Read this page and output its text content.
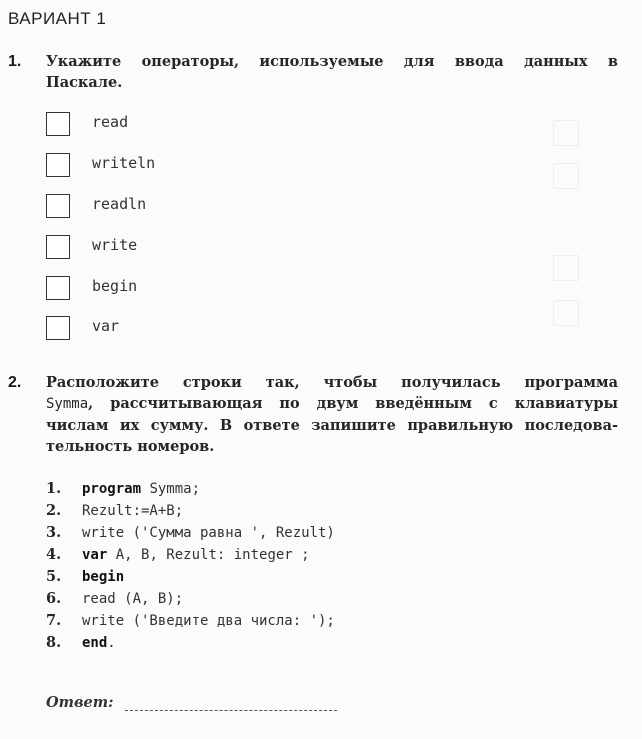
ВАРИАНТ 1
1. Укажите операторы, используемые для ввода данных в
Паскале.
read
writeln
readln
write
begin
var
2. Расположите строки так, чтобы получилась программа
Symma, рассчитывающая по двум введённым с клавиатуры
числам их сумму. В ответе запишите правильную последова-
тельность номеров.
1. program Symma;
2. Rezult:=A+B;
3. write ('Сумма равна ', Rezult)
4. var A, B, Rezult: integer ;
5. begin
6. read (A, B);
7. write ('Введите два числа: ');
8. end.
Ответ:
